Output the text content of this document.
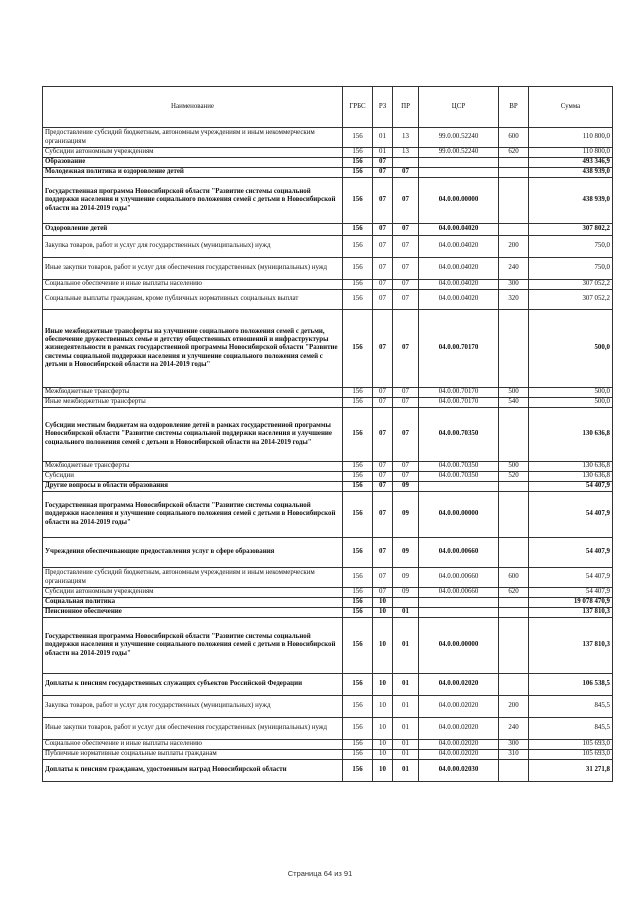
Наименование	ГРБС	РЗ	ПР	ЦСР	ВР	Сумма
Предоставление субсидий бюджетным, автономным учреждениям и иным некоммерческим организациям	156	01	13	99.0.00.52240	600	110 800,0
Субсидии автономным учреждениям	156	01	13	99.0.00.52240	620	110 800,0
Образование	156	07				493 346,9
Молодежная политика и оздоровление детей	156	07	07			438 939,0
Государственная программа Новосибирской области "Развитие системы социальной поддержки населения и улучшение социального положения семей с детьми в Новосибирской области на 2014-2019 годы"	156	07	07	04.0.00.00000		438 939,0
Оздоровление детей	156	07	07	04.0.00.04020		307 802,2
Закупка товаров, работ и услуг для государственных (муниципальных) нужд	156	07	07	04.0.00.04020	200	750,0
Иные закупки товаров, работ и услуг для обеспечения государственных (муниципальных) нужд	156	07	07	04.0.00.04020	240	750,0
Социальное обеспечение и иные выплаты населению	156	07	07	04.0.00.04020	300	307 052,2
Социальные выплаты гражданам, кроме публичных нормативных социальных выплат	156	07	07	04.0.00.04020	320	307 052,2
Иные межбюджетные трансферты на улучшение социального положения семей с детьми, обеспечение дружественных семье и детству общественных отношений и инфраструктуры жизнедеятельности в рамках государственной программы Новосибирской области "Развитие системы социальной поддержки населения и улучшение социального положения семей с детьми в Новосибирской области на 2014-2019 годы"	156	07	07	04.0.00.70170		500,0
Межбюджетные трансферты	156	07	07	04.0.00.70170	500	500,0
Иные межбюджетные трансферты	156	07	07	04.0.00.70170	540	500,0
Субсидии местным бюджетам на оздоровление детей в рамках государственной программы Новосибирской области "Развитие системы социальной поддержки населения и улучшение социального положения семей с детьми в Новосибирской области на 2014-2019 годы"	156	07	07	04.0.00.70350		130 636,8
Межбюджетные трансферты	156	07	07	04.0.00.70350	500	130 636,8
Субсидии	156	07	07	04.0.00.70350	520	130 636,8
Другие вопросы в области образования	156	07	09			54 407,9
Государственная программа Новосибирской области "Развитие системы социальной поддержки населения и улучшение социального положения семей с детьми в Новосибирской области на 2014-2019 годы"	156	07	09	04.0.00.00000		54 407,9
Учреждения обеспечивающие предоставления услуг в сфере образования	156	07	09	04.0.00.00660		54 407,9
Предоставление субсидий бюджетным, автономным учреждениям и иным некоммерческим организациям	156	07	09	04.0.00.00660	600	54 407,9
Субсидии автономным учреждениям	156	07	09	04.0.00.00660	620	54 407,9
Социальная политика	156	10				19 078 470,9
Пенсионное обеспечение	156	10	01			137 810,3
Государственная программа Новосибирской области "Развитие системы социальной поддержки населения и улучшение социального положения семей с детьми в Новосибирской области на 2014-2019 годы"	156	10	01	04.0.00.00000		137 810,3
Доплаты к пенсиям государственных служащих субъектов Российской Федерации	156	10	01	04.0.00.02020		106 538,5
Закупка товаров, работ и услуг для государственных (муниципальных) нужд	156	10	01	04.0.00.02020	200	845,5
Иные закупки товаров, работ и услуг для обеспечения государственных (муниципальных) нужд	156	10	01	04.0.00.02020	240	845,5
Социальное обеспечение и иные выплаты населению	156	10	01	04.0.00.02020	300	105 693,0
Публичные нормативные социальные выплаты гражданам	156	10	01	04.0.00.02020	310	105 693,0
Доплаты к пенсиям гражданам, удостоенным наград Новосибирской области	156	10	01	04.0.00.02030		31 271,8
Страница 64 из 91
